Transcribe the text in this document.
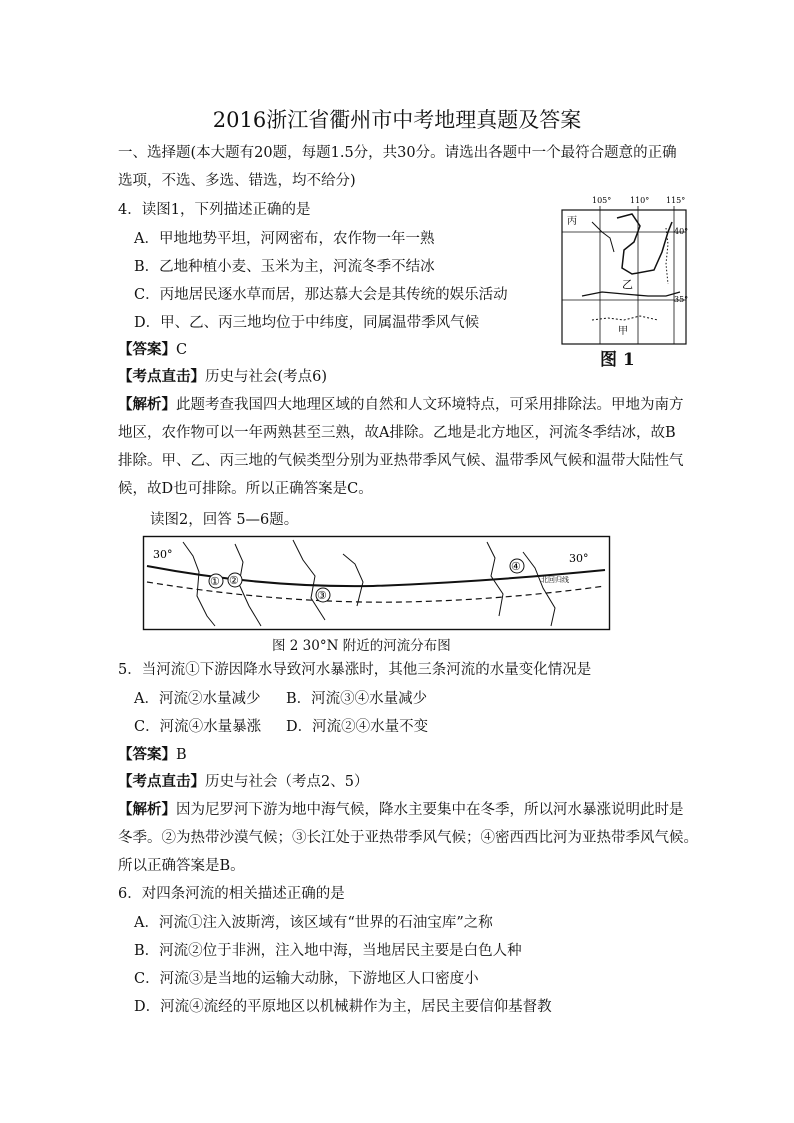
2016浙江省衢州市中考地理真题及答案
一、选择题(本大题有20题，每题1.5分，共30分。请选出各题中一个最符合题意的正确
选项，不选、多选、错选，均不给分)
4．读图1，下列描述正确的是
A．甲地地势平坦，河网密布，农作物一年一熟
B．乙地种植小麦、玉米为主，河流冬季不结冰
C．丙地居民逐水草而居，那达慕大会是其传统的娱乐活动
D．甲、乙、丙三地均位于中纬度，同属温带季风气候
【答案】C
【考点直击】历史与社会(考点6)
【解析】此题考查我国四大地理区域的自然和人文环境特点，可采用排除法。甲地为南方
地区，农作物可以一年两熟甚至三熟，故A排除。乙地是北方地区，河流冬季结冰，故B
排除。甲、乙、丙三地的气候类型分别为亚热带季风气候、温带季风气候和温带大陆性气
候，故D也可排除。所以正确答案是C。
105° 110° 115°
40°
35°
丙
乙
甲
图 1
读图2，回答 5—6题。
30°	30°
北回归线
① ②
③
④
图 2 30°N 附近的河流分布图
5．当河流①下游因降水导致河水暴涨时，其他三条河流的水量变化情况是
A．河流②水量减少 B．河流③④水量减少
C．河流④水量暴涨 D．河流②④水量不变
【答案】B
【考点直击】历史与社会（考点2、5）
【解析】因为尼罗河下游为地中海气候，降水主要集中在冬季，所以河水暴涨说明此时是
冬季。②为热带沙漠气候；③长江处于亚热带季风气候；④密西西比河为亚热带季风气候。
所以正确答案是B。
6．对四条河流的相关描述正确的是
A．河流①注入波斯湾，该区域有“世界的石油宝库”之称
B．河流②位于非洲，注入地中海，当地居民主要是白色人种
C．河流③是当地的运输大动脉，下游地区人口密度小
D．河流④流经的平原地区以机械耕作为主，居民主要信仰基督教
